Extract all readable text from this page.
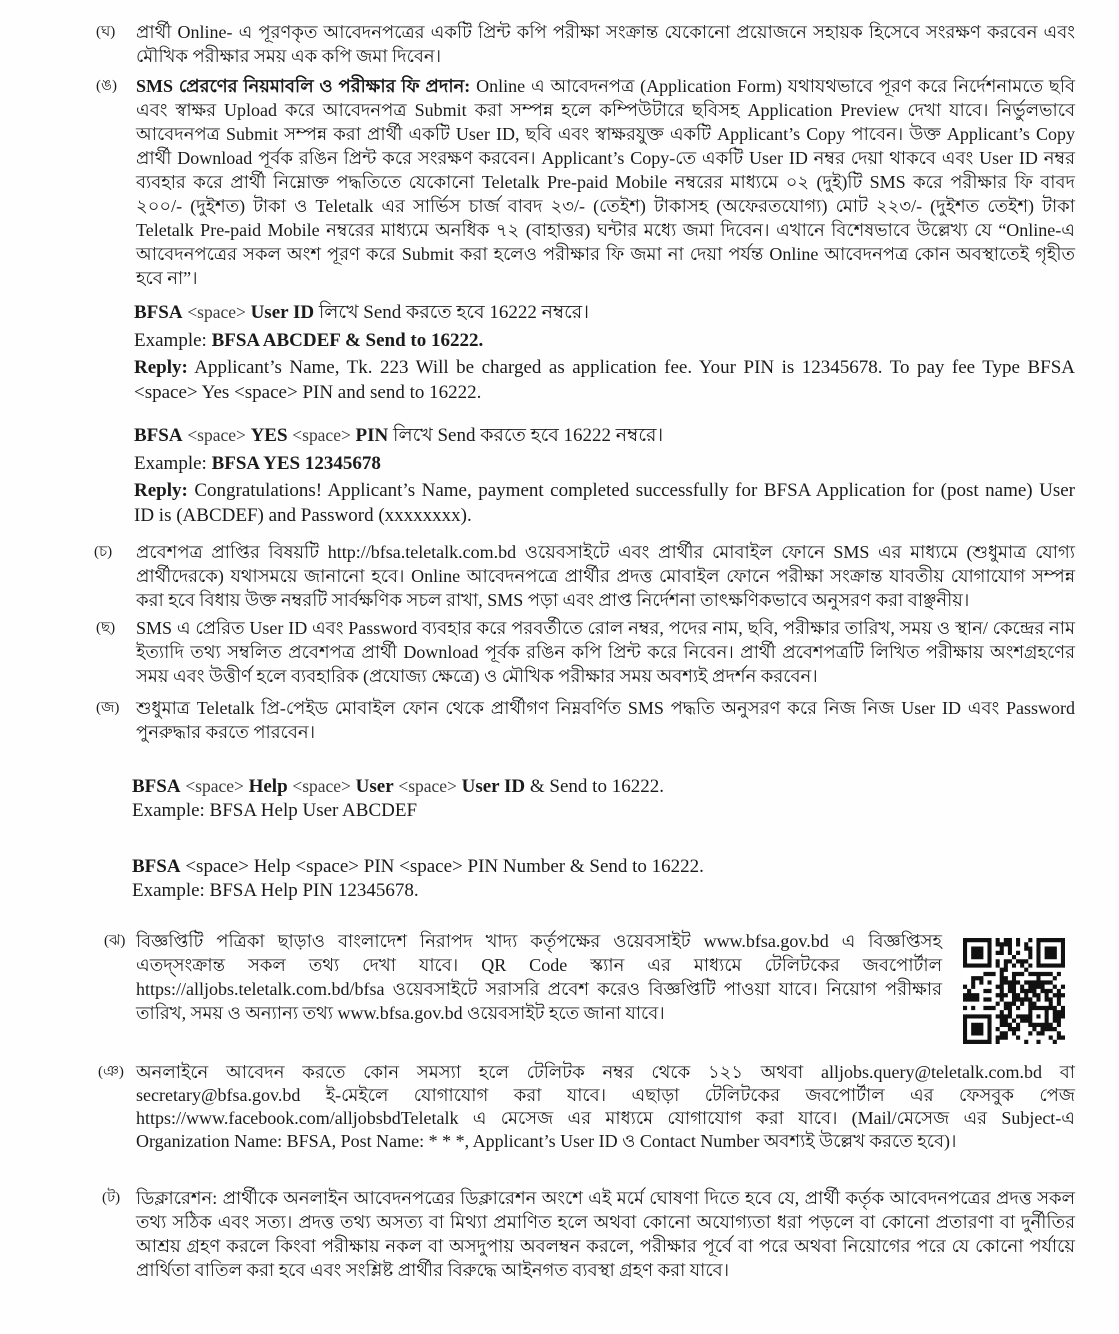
(ঘ) প্রার্থী Online- এ পূরণকৃত আবেদনপত্রের একটি প্রিন্ট কপি পরীক্ষা সংক্রান্ত যেকোনো প্রয়োজনে সহায়ক হিসেবে সংরক্ষণ করবেন এবং মৌখিক পরীক্ষার সময় এক কপি জমা দিবেন।

(ঙ) SMS প্রেরণের নিয়মাবলি ও পরীক্ষার ফি প্রদান: Online এ আবেদনপত্র (Application Form) যথাযথভাবে পূরণ করে নির্দেশনামতে ছবি এবং স্বাক্ষর Upload করে আবেদনপত্র Submit করা সম্পন্ন হলে কম্পিউটারে ছবিসহ Application Preview দেখা যাবে। নির্ভুলভাবে আবেদনপত্র Submit সম্পন্ন করা প্রার্থী একটি User ID, ছবি এবং স্বাক্ষরযুক্ত একটি Applicant’s Copy পাবেন। উক্ত Applicant’s Copy প্রার্থী Download পূর্বক রঙিন প্রিন্ট করে সংরক্ষণ করবেন। Applicant’s Copy-তে একটি User ID নম্বর দেয়া থাকবে এবং User ID নম্বর ব্যবহার করে প্রার্থী নিম্নোক্ত পদ্ধতিতে যেকোনো Teletalk Pre-paid Mobile নম্বরের মাধ্যমে ০২ (দুই)টি SMS করে পরীক্ষার ফি বাবদ ২০০/- (দুইশত) টাকা ও Teletalk এর সার্ভিস চার্জ বাবদ ২৩/- (তেইশ) টাকাসহ (অফেরতযোগ্য) মোট ২২৩/- (দুইশত তেইশ) টাকা Teletalk Pre-paid Mobile নম্বরের মাধ্যমে অনধিক ৭২ (বাহাত্তর) ঘন্টার মধ্যে জমা দিবেন। এখানে বিশেষভাবে উল্লেখ্য যে “Online-এ আবেদনপত্রের সকল অংশ পূরণ করে Submit করা হলেও পরীক্ষার ফি জমা না দেয়া পর্যন্ত Online আবেদনপত্র কোন অবস্থাতেই গৃহীত হবে না”।

BFSA <space> User ID লিখে Send করতে হবে 16222 নম্বরে।
Example: BFSA ABCDEF & Send to 16222.
Reply: Applicant’s Name, Tk. 223 Will be charged as application fee. Your PIN is 12345678. To pay fee Type BFSA <space> Yes <space> PIN and send to 16222.
BFSA <space> YES <space> PIN লিখে Send করতে হবে 16222 নম্বরে।
Example: BFSA YES 12345678
Reply: Congratulations! Applicant’s Name, payment completed successfully for BFSA Application for (post name) User ID is (ABCDEF) and Password (xxxxxxxx).
(চ) প্রবেশপত্র প্রাপ্তির বিষয়টি http://bfsa.teletalk.com.bd ওয়েবসাইটে এবং প্রার্থীর মোবাইল ফোনে SMS এর মাধ্যমে (শুধুমাত্র যোগ্য প্রার্থীদেরকে) যথাসময়ে জানানো হবে। Online আবেদনপত্রে প্রার্থীর প্রদত্ত মোবাইল ফোনে পরীক্ষা সংক্রান্ত যাবতীয় যোগাযোগ সম্পন্ন করা হবে বিধায় উক্ত নম্বরটি সার্বক্ষণিক সচল রাখা, SMS পড়া এবং প্রাপ্ত নির্দেশনা তাৎক্ষণিকভাবে অনুসরণ করা বাঞ্ছনীয়।

(ছ) SMS এ প্রেরিত User ID এবং Password ব্যবহার করে পরবর্তীতে রোল নম্বর, পদের নাম, ছবি, পরীক্ষার তারিখ, সময় ও স্থান/ কেন্দ্রের নাম ইত্যাদি তথ্য সম্বলিত প্রবেশপত্র প্রার্থী Download পূর্বক রঙিন কপি প্রিন্ট করে নিবেন। প্রার্থী প্রবেশপত্রটি লিখিত পরীক্ষায় অংশগ্রহণের সময় এবং উত্তীর্ণ হলে ব্যবহারিক (প্রযোজ্য ক্ষেত্রে) ও মৌখিক পরীক্ষার সময় অবশ্যই প্রদর্শন করবেন।

(জ) শুধুমাত্র Teletalk প্রি-পেইড মোবাইল ফোন থেকে প্রার্থীগণ নিম্নবর্ণিত SMS পদ্ধতি অনুসরণ করে নিজ নিজ User ID এবং Password পুনরুদ্ধার করতে পারবেন।

BFSA <space> Help <space> User <space> User ID & Send to 16222.
Example: BFSA Help User ABCDEF
BFSA <space> Help <space> PIN <space> PIN Number & Send to 16222.
Example: BFSA Help PIN 12345678.
(ঝ) বিজ্ঞপ্তিটি পত্রিকা ছাড়াও বাংলাদেশ নিরাপদ খাদ্য কর্তৃপক্ষের ওয়েবসাইট www.bfsa.gov.bd এ বিজ্ঞপ্তিসহ এতদ্‌সংক্রান্ত সকল তথ্য দেখা যাবে। QR Code স্ক্যান এর মাধ্যমে টেলিটকের জবপোর্টাল https://alljobs.teletalk.com.bd/bfsa ওয়েবসাইটে সরাসরি প্রবেশ করেও বিজ্ঞপ্তিটি পাওয়া যাবে। নিয়োগ পরীক্ষার তারিখ, সময় ও অন্যান্য তথ্য www.bfsa.gov.bd ওয়েবসাইট হতে জানা যাবে।

(ঞ) অনলাইনে আবেদন করতে কোন সমস্যা হলে টেলিটক নম্বর থেকে ১২১ অথবা alljobs.query@teletalk.com.bd বা secretary@bfsa.gov.bd ই-মেইলে যোগাযোগ করা যাবে। এছাড়া টেলিটকের জবপোর্টাল এর ফেসবুক পেজ https://www.facebook.com/alljobsbdTeletalk এ মেসেজ এর মাধ্যমে যোগাযোগ করা যাবে। (Mail/মেসেজ এর Subject-এ Organization Name: BFSA, Post Name: * * *, Applicant’s User ID ও Contact Number অবশ্যই উল্লেখ করতে হবে)।

(ট) ডিক্লারেশন: প্রার্থীকে অনলাইন আবেদনপত্রের ডিক্লারেশন অংশে এই মর্মে ঘোষণা দিতে হবে যে, প্রার্থী কর্তৃক আবেদনপত্রের প্রদত্ত সকল তথ্য সঠিক এবং সত্য। প্রদত্ত তথ্য অসত্য বা মিথ্যা প্রমাণিত হলে অথবা কোনো অযোগ্যতা ধরা পড়লে বা কোনো প্রতারণা বা দুর্নীতির আশ্রয় গ্রহণ করলে কিংবা পরীক্ষায় নকল বা অসদুপায় অবলম্বন করলে, পরীক্ষার পূর্বে বা পরে অথবা নিয়োগের পরে যে কোনো পর্যায়ে প্রার্থিতা বাতিল করা হবে এবং সংশ্লিষ্ট প্রার্থীর বিরুদ্ধে আইনগত ব্যবস্থা গ্রহণ করা যাবে।
